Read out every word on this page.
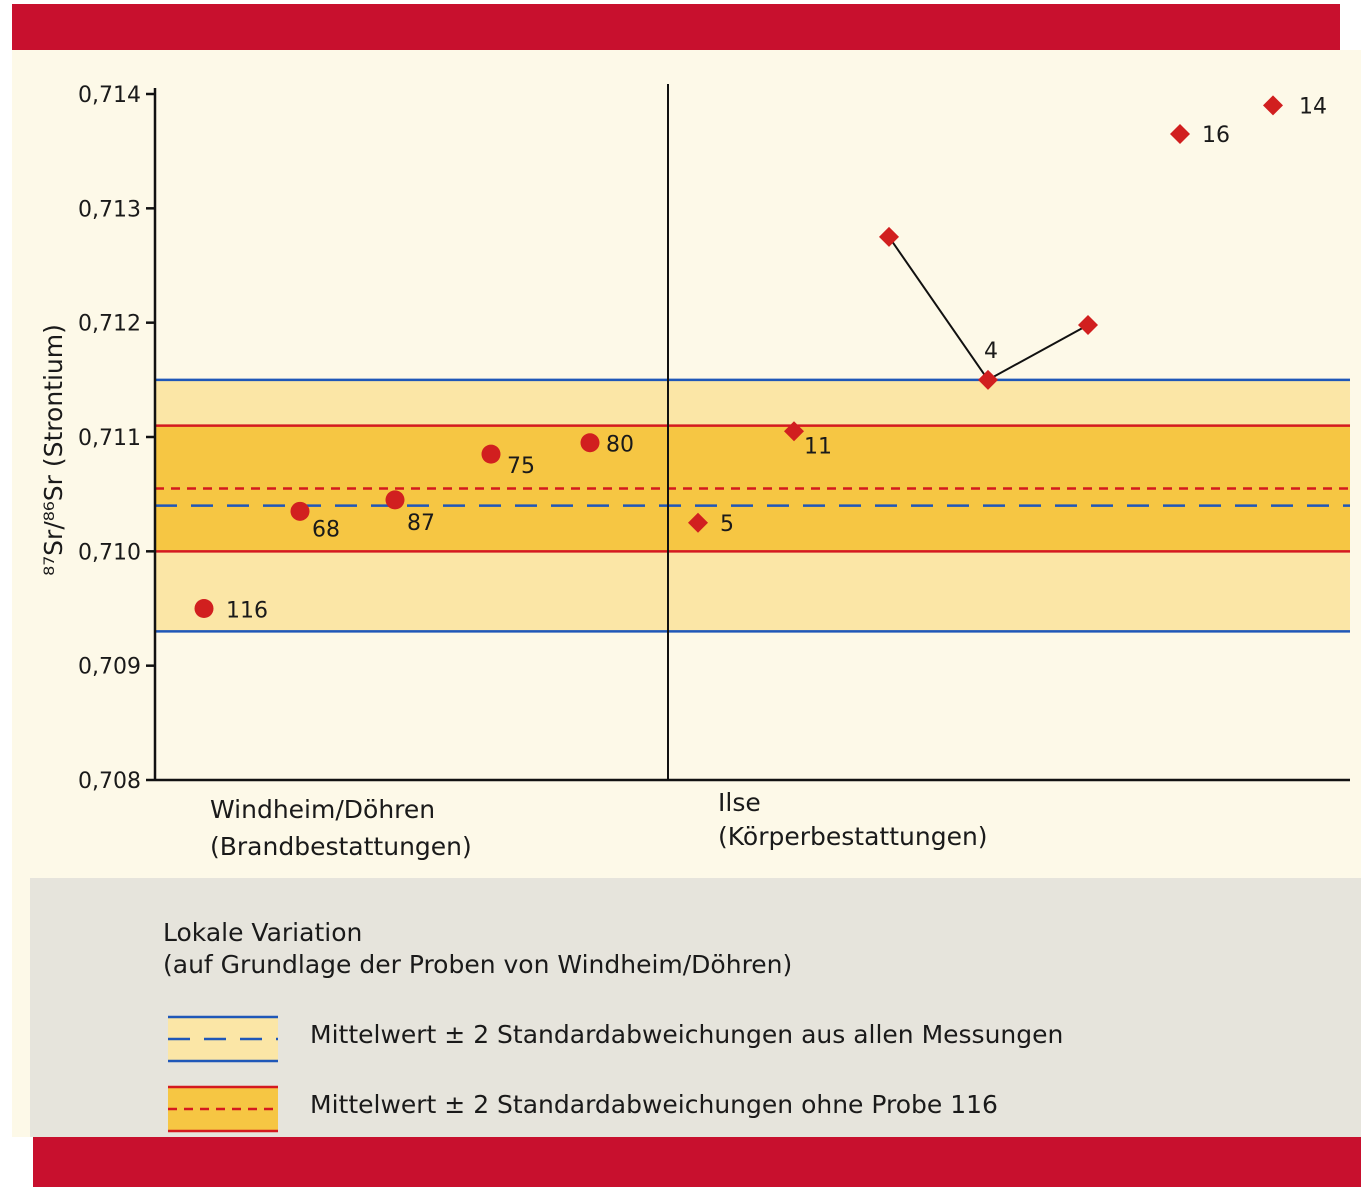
0,708
0,709
0,710
0,711
0,712
0,713
0,714
116
68	87
75
80
5
11
4
16
14
⁸⁷Sr/⁸⁶Sr (Strontium)
Windheim/Döhren
(Brandbestattungen)
Ilse
(Körperbestattungen)
Lokale Variation
(auf Grundlage der Proben von Windheim/Döhren)
Mittelwert ± 2 Standardabweichungen aus allen Messungen
Mittelwert ± 2 Standardabweichungen ohne Probe 116
